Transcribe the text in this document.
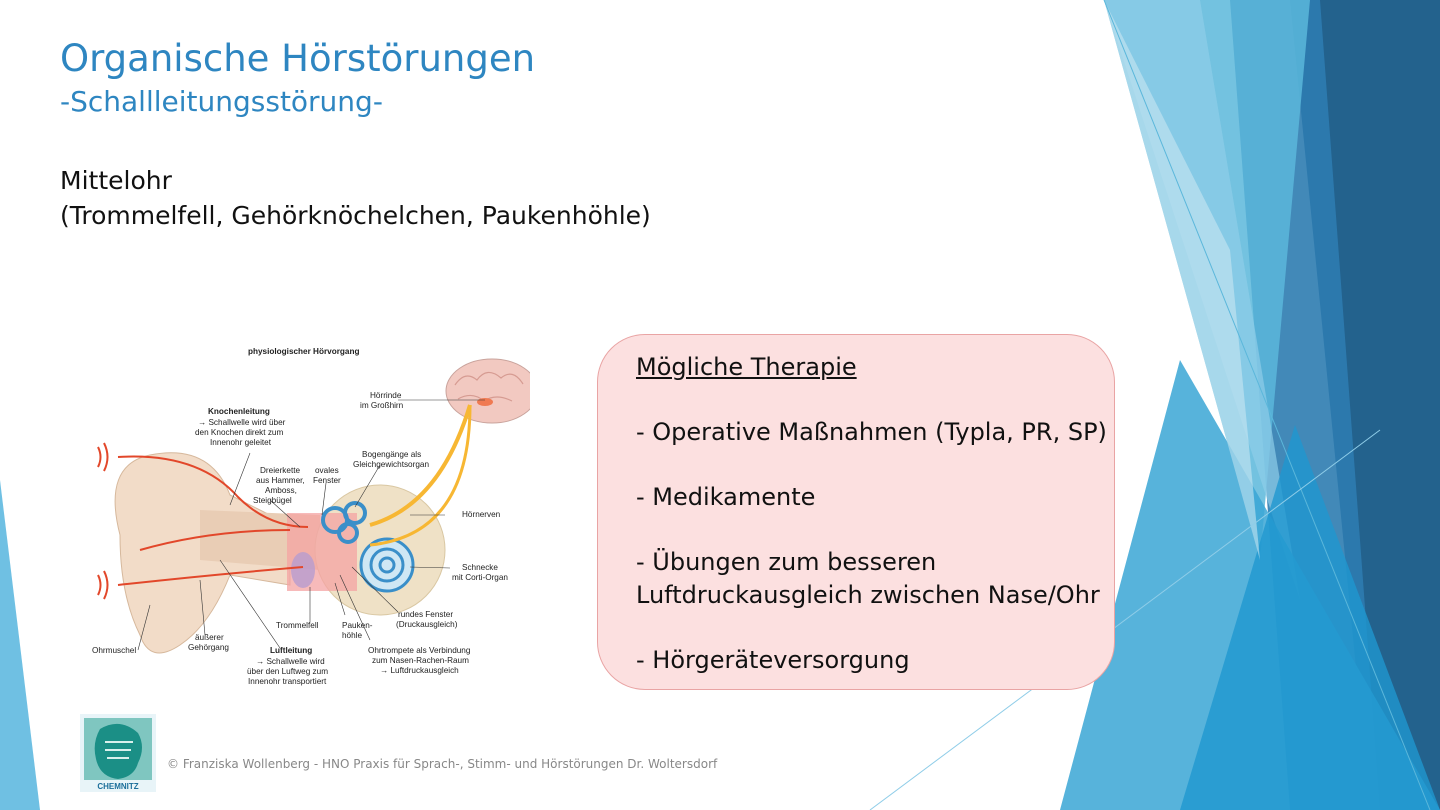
Organische Hörstörungen
-Schallleitungsstörung-
Mittelohr
(Trommelfell, Gehörknöchelchen, Paukenhöhle)
physiologischer Hörvorgang
Hörrinde im Großhirn
Knochenleitung
→ Schallwelle wird über den Knochen direkt zum Innenohr geleitet
Bogengänge als Gleichgewichtsorgan
Dreierkette aus Hammer, Amboss, Steigbügel
ovales Fenster
Hörnerven
Schnecke mit Corti-Organ
rundes Fenster (Druckausgleich)
Ohrmuschel
äußerer Gehörgang
Trommelfell	Pauken-höhle
Ohrtrompete als Verbindung zum Nasen-Rachen-Raum → Luftdruckausgleich
Luftleitung
→ Schallwelle wird über den Luftweg zum Innenohr transportiert
Mögliche Therapie
- Operative Maßnahmen (Typla, PR, SP)
- Medikamente
- Übungen zum besseren
Luftdruckausgleich zwischen Nase/Ohr
- Hörgeräteversorgung
CHEMNITZ
© Franziska Wollenberg - HNO Praxis für Sprach-, Stimm- und Hörstörungen Dr. Woltersdorf
